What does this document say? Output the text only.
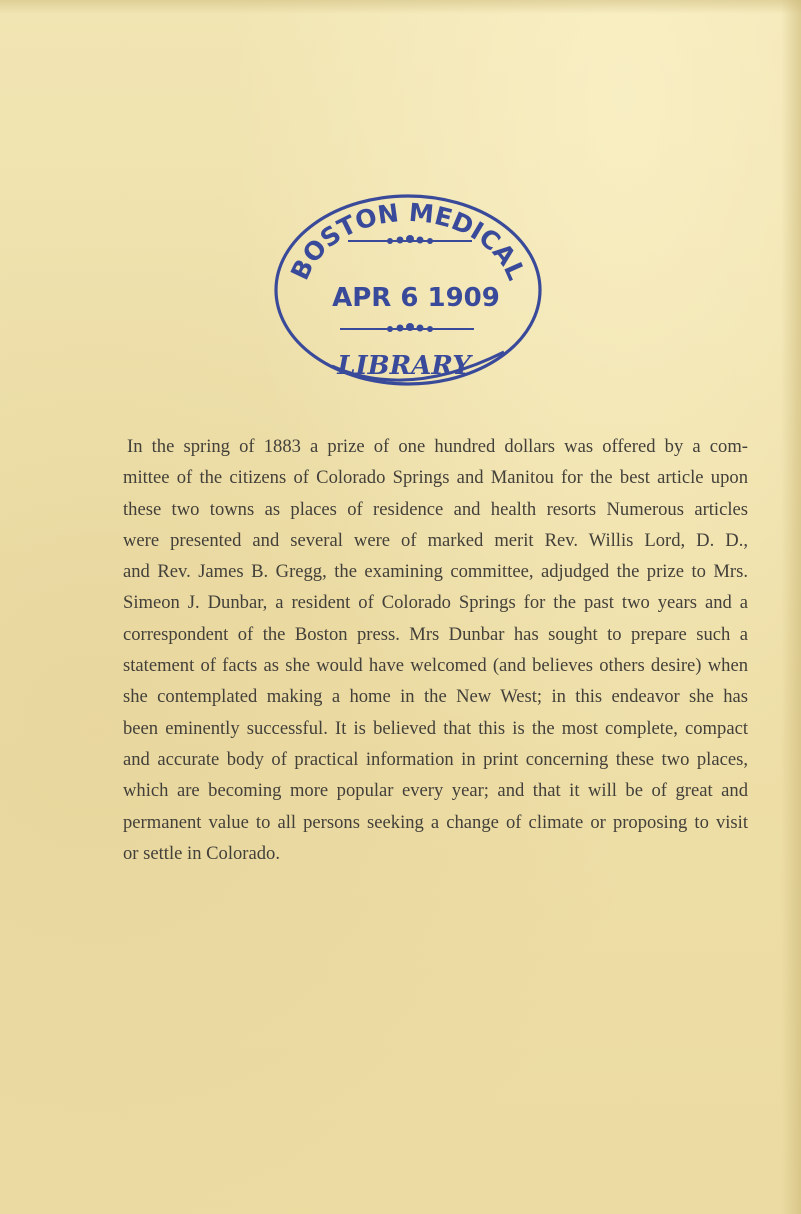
BOSTON MEDICAL
APR 6 1909
LIBRARY
In the spring of 1883 a prize of one hundred dollars was offered by a com-
mittee of the citizens of Colorado Springs and Manitou for the best article upon
these two towns as places of residence and health resorts Numerous articles
were presented and several were of marked merit Rev. Willis Lord, D. D.,
and Rev. James B. Gregg, the examining committee, adjudged the prize to Mrs.
Simeon J. Dunbar, a resident of Colorado Springs for the past two years and a
correspondent of the Boston press. Mrs Dunbar has sought to prepare such a
statement of facts as she would have welcomed (and believes others desire) when
she contemplated making a home in the New West; in this endeavor she has
been eminently successful. It is believed that this is the most complete, compact
and accurate body of practical information in print concerning these two places,
which are becoming more popular every year; and that it will be of great and
permanent value to all persons seeking a change of climate or proposing to visit
or settle in Colorado.
